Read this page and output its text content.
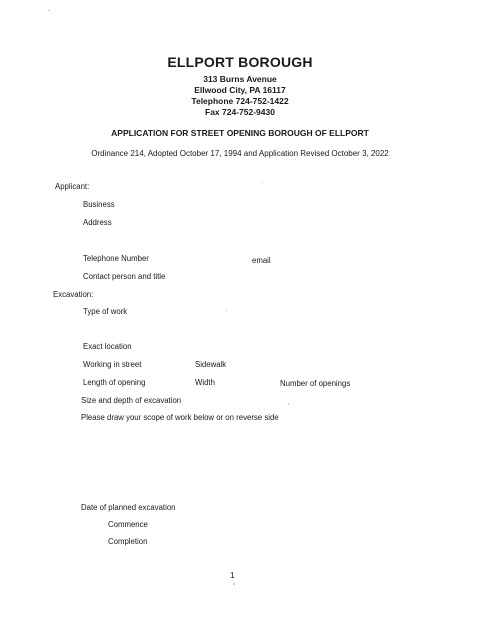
ELLPORT BOROUGH
313 Burns Avenue
Ellwood City, PA 16117
Telephone 724-752-1422
Fax 724-752-9430
APPLICATION FOR STREET OPENING BOROUGH OF ELLPORT
Ordinance 214, Adopted October 17, 1994 and Application Revised October 3, 2022
Applicant:
Business
Address
Telephone Number	email
Contact person and title
Excavation:
Type of work
Exact location
Working in street	Sidewalk
Length of opening	Width	Number of openings
Size and depth of excavation
Please draw your scope of work below or on reverse side
Date of planned excavation
Commence
Completion
1
